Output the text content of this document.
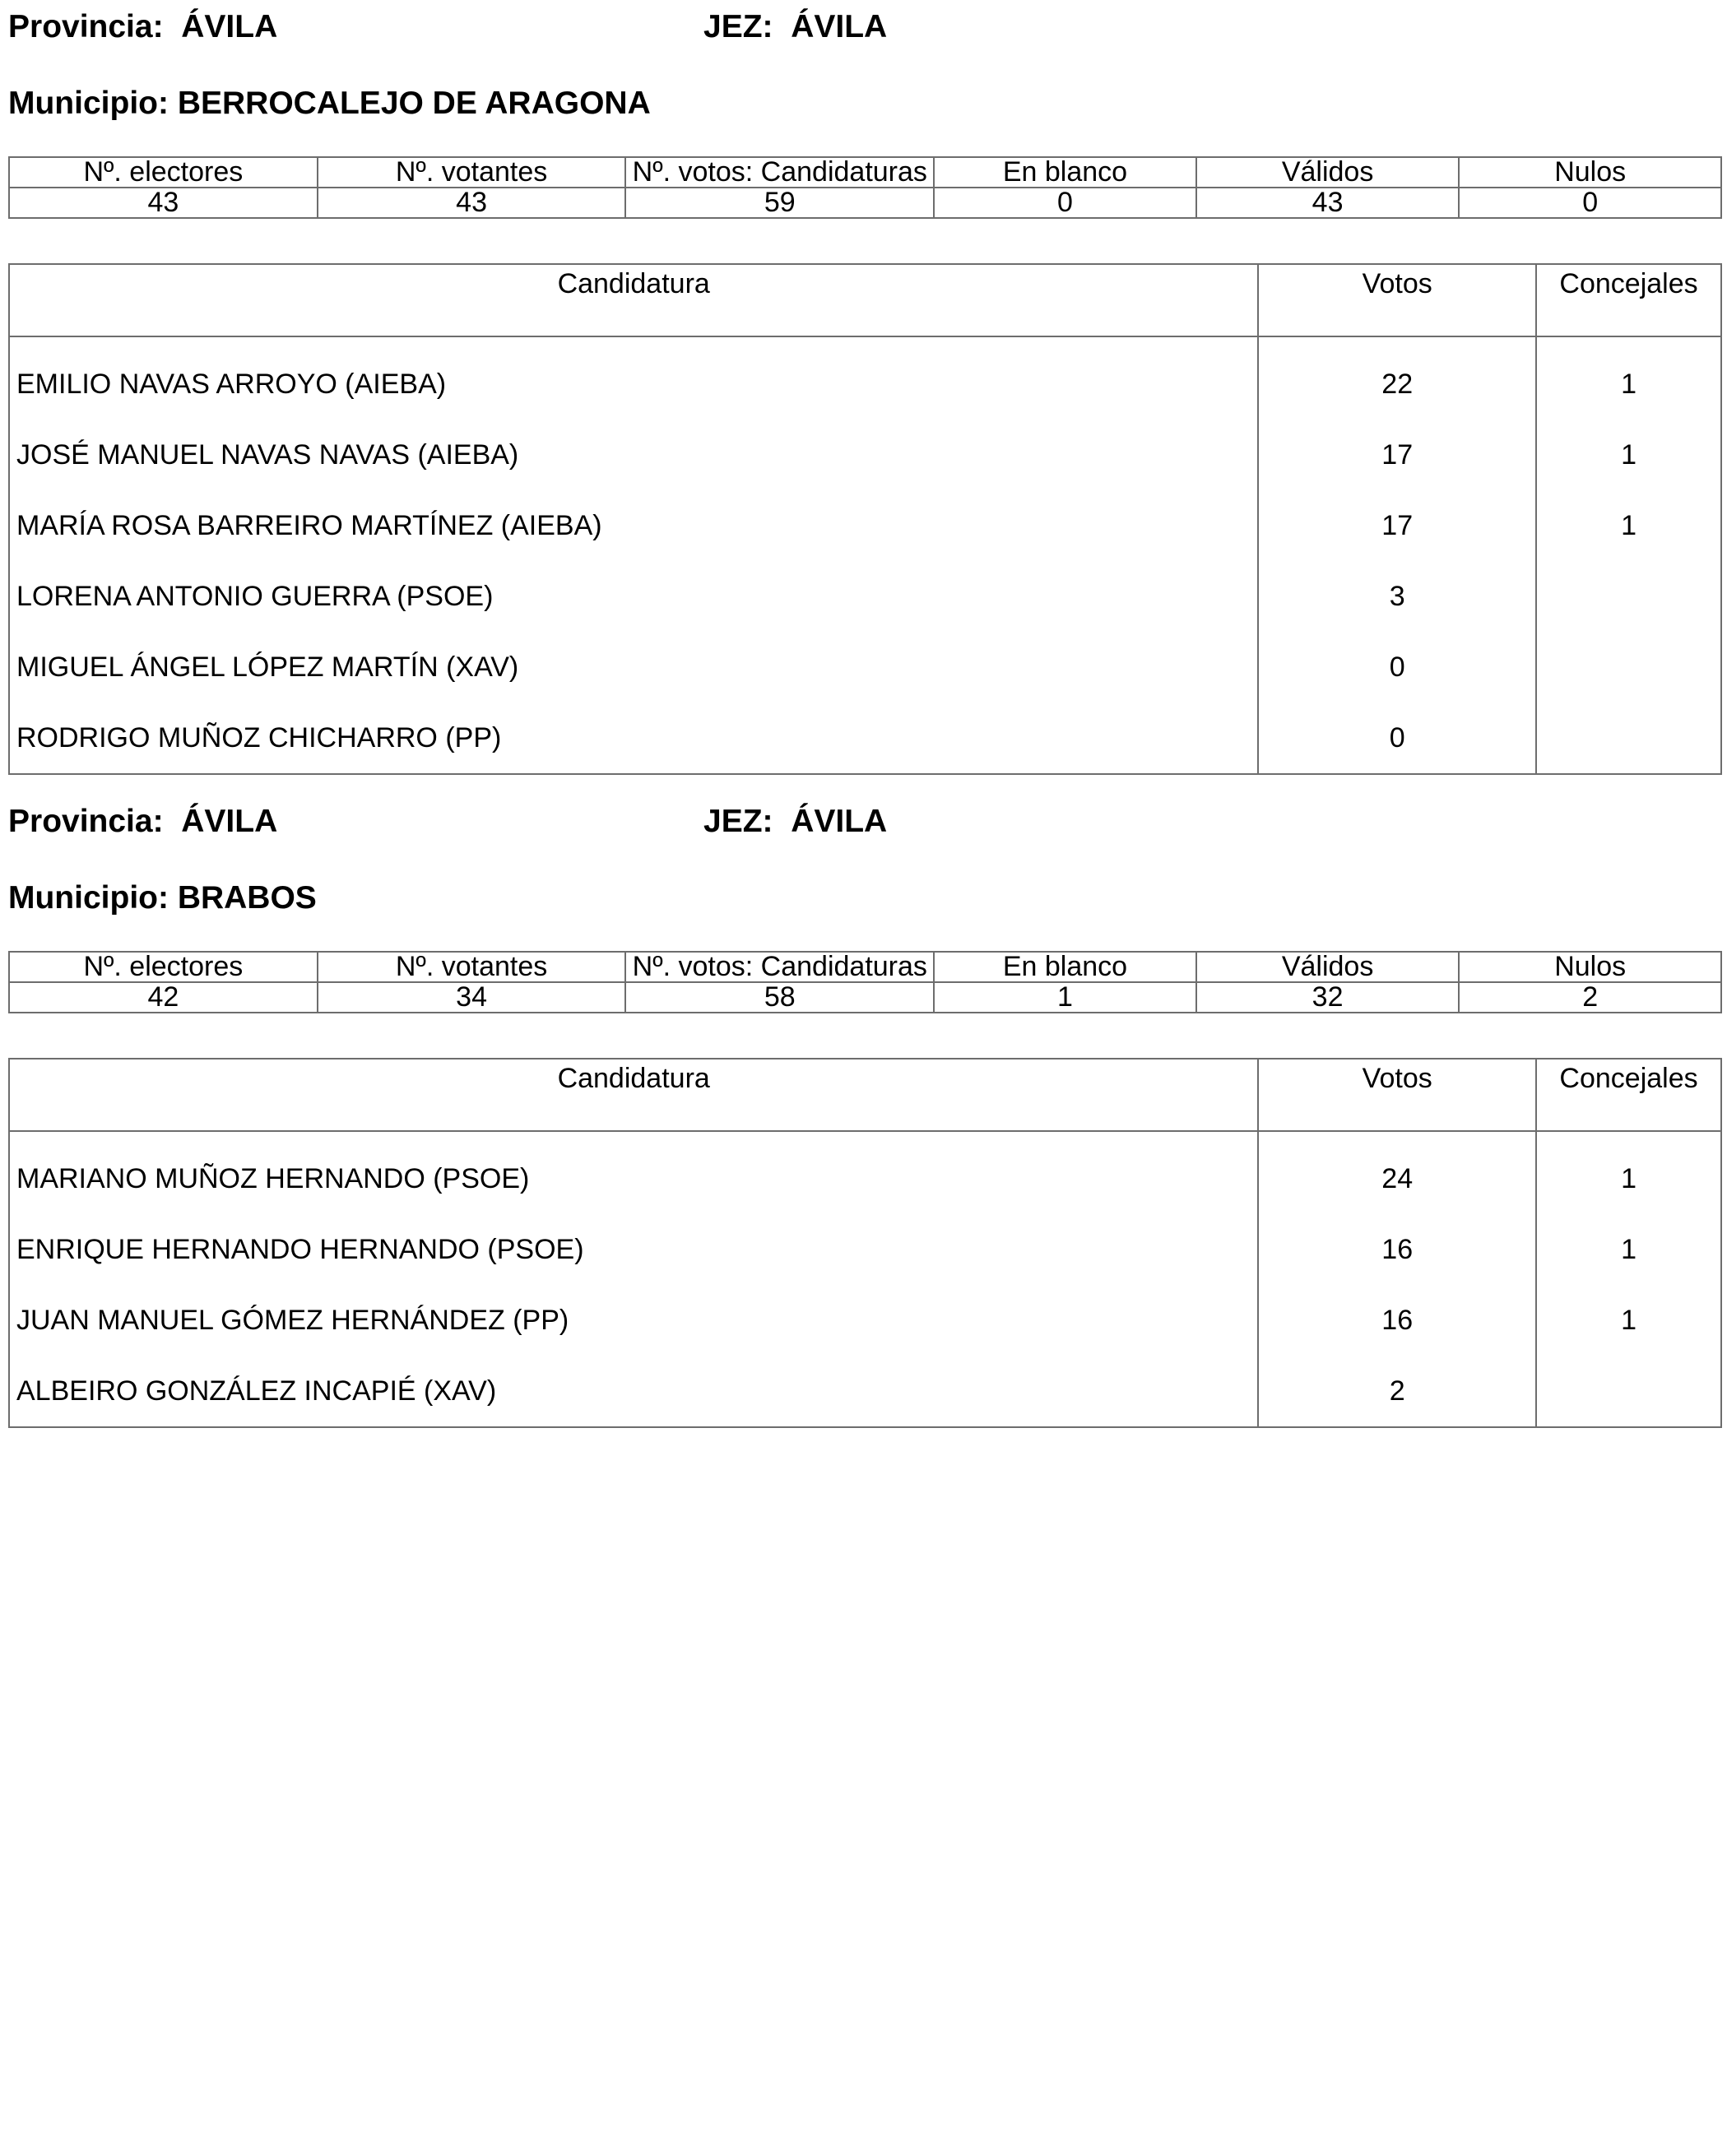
Provincia: ÁVILA	JEZ: ÁVILA
Municipio: BERROCALEJO DE ARAGONA
Nº. electores	Nº. votantes	Nº. votos: Candidaturas	En blanco	Válidos	Nulos
43	43	59	0	43	0
Candidatura	Votos	Concejales
EMILIO NAVAS ARROYO (AIEBA)	22	1
JOSÉ MANUEL NAVAS NAVAS (AIEBA)	17	1
MARÍA ROSA BARREIRO MARTÍNEZ (AIEBA)	17	1
LORENA ANTONIO GUERRA (PSOE)	3	
MIGUEL ÁNGEL LÓPEZ MARTÍN (XAV)	0	
RODRIGO MUÑOZ CHICHARRO (PP)	0	
Provincia: ÁVILA	JEZ: ÁVILA
Municipio: BRABOS
Nº. electores	Nº. votantes	Nº. votos: Candidaturas	En blanco	Válidos	Nulos
42	34	58	1	32	2
Candidatura	Votos	Concejales
MARIANO MUÑOZ HERNANDO (PSOE)	24	1
ENRIQUE HERNANDO HERNANDO (PSOE)	16	1
JUAN MANUEL GÓMEZ HERNÁNDEZ (PP)	16	1
ALBEIRO GONZÁLEZ INCAPIÉ (XAV)	2	
